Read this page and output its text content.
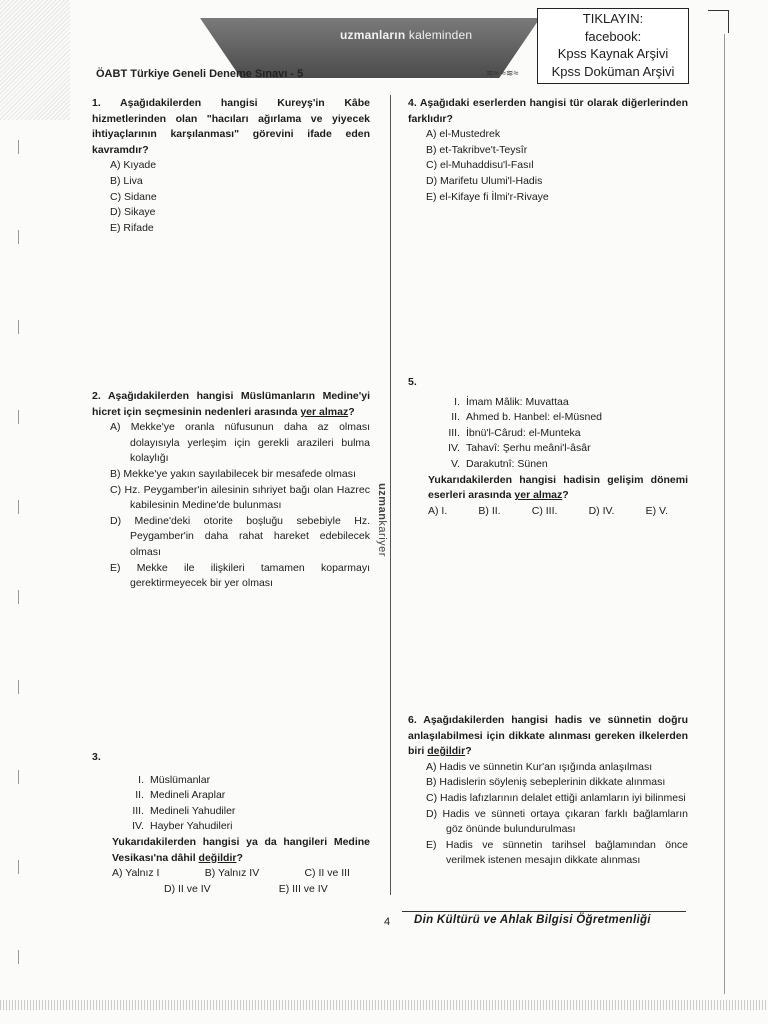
uzmanların kaleminden
ÖABT Türkiye Geneli Deneme Sınavı - 5	≋≈ ≈≋≈
TIKLAYIN:
facebook:
Kpss Kaynak Arşivi
Kpss Doküman Arşivi
uzmankariyer
1. Aşağıdakilerden hangisi Kureyş'in Kâbe hizmetlerinden olan "hacıları ağırlama ve yiyecek ihtiyaçlarının karşılanması" görevini ifade eden kavramdır?
A) Kıyade
B) Liva
C) Sidane
D) Sikaye
E) Rifade
2. Aşağıdakilerden hangisi Müslümanların Medine'yi hicret için seçmesinin nedenleri arasında yer almaz?
A) Mekke'ye oranla nüfusunun daha az olması dolayısıyla yerleşim için gerekli arazileri bulma kolaylığı
B) Mekke'ye yakın sayılabilecek bir mesafede olması
C) Hz. Peygamber'in ailesinin sıhriyet bağı olan Hazrec kabilesinin Medine'de bulunması
D) Medine'deki otorite boşluğu sebebiyle Hz. Peygamber'in daha rahat hareket edebilecek olması
E) Mekke ile ilişkileri tamamen koparmayı gerektirmeyecek bir yer olması
3.
I. Müslümanlar
II. Medineli Araplar
III. Medineli Yahudiler
IV. Hayber Yahudileri
Yukarıdakilerden hangisi ya da hangileri Medine Vesikası'na dâhil değildir?
A) Yalnız I	B) Yalnız IV	C) II ve III
D) II ve IV	E) III ve IV
4. Aşağıdaki eserlerden hangisi tür olarak diğerlerinden farklıdır?
A) el-Mustedrek
B) et-Takribve't-Teysîr
C) el-Muhaddisu'l-Fasıl
D) Marifetu Ulumi'l-Hadis
E) el-Kifaye fi İlmi'r-Rivaye
5.
I. İmam Mâlik: Muvattaa
II. Ahmed b. Hanbel: el-Müsned
III. İbnü'l-Cârud: el-Munteka
IV. Tahavî: Şerhu meâni'l-âsâr
V. Darakutnî: Sünen
Yukarıdakilerden hangisi hadisin gelişim dönemi eserleri arasında yer almaz?
A) I.	B) II.	C) III.	D) IV.	E) V.
6. Aşağıdakilerden hangisi hadis ve sünnetin doğru anlaşılabilmesi için dikkate alınması gereken ilkelerden biri değildir?
A) Hadis ve sünnetin Kur'an ışığında anlaşılması
B) Hadislerin söyleniş sebeplerinin dikkate alınması
C) Hadis lafızlarının delalet ettiği anlamların iyi bilinmesi
D) Hadis ve sünneti ortaya çıkaran farklı bağlamların göz önünde bulundurulması
E) Hadis ve sünnetin tarihsel bağlamından önce verilmek istenen mesajın dikkate alınması
4 Din Kültürü ve Ahlak Bilgisi Öğretmenliği
